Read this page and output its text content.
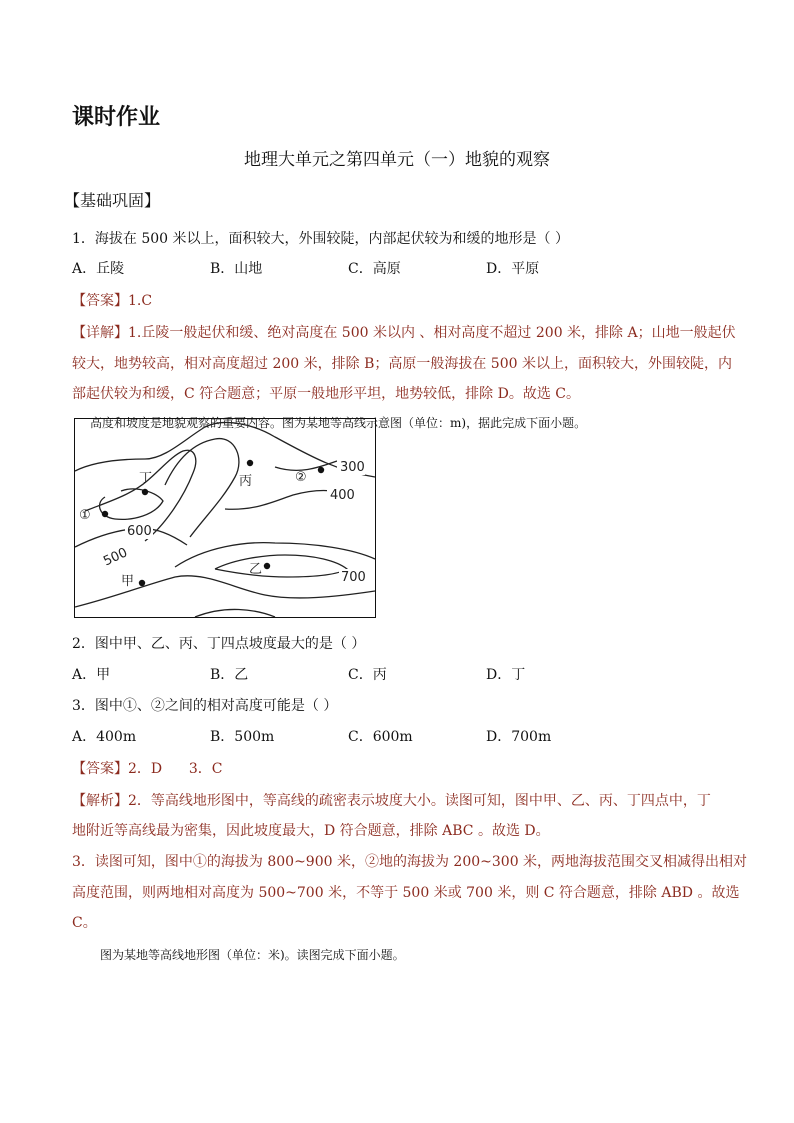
课时作业
地理大单元之第四单元（一）地貌的观察
【基础巩固】
1．海拔在 500 米以上，面积较大，外围较陡，内部起伏较为和缓的地形是（ ）
A．丘陵	B．山地	C．高原	D．平原
【答案】1.C
【详解】1.丘陵一般起伏和缓、绝对高度在 500 米以内 、相对高度不超过 200 米，排除 A；山地一般起伏
较大，地势较高，相对高度超过 200 米，排除 B；高原一般海拔在 500 米以上，面积较大，外围较陡，内
部起伏较为和缓，C 符合题意；平原一般地形平坦，地势较低，排除 D。故选 C。
高度和坡度是地貌观察的重要内容。图为某地等高线示意图（单位：m)，据此完成下面小题。
丁	丙	②
①
乙
甲
300
400
600
500
700
2．图中甲、乙、丙、丁四点坡度最大的是（ ）
A．甲	B．乙	C．丙	D．丁
3．图中①、②之间的相对高度可能是（ ）
A．400m	B．500m	C．600m	D．700m
【答案】2．D      3．C
【解析】2．等高线地形图中，等高线的疏密表示坡度大小。读图可知，图中甲、乙、丙、丁四点中，丁
地附近等高线最为密集，因此坡度最大，D 符合题意，排除 ABC 。故选 D。
3．读图可知，图中①的海拔为 800~900 米，②地的海拔为 200~300 米，两地海拔范围交叉相减得出相对
高度范围，则两地相对高度为 500~700 米，不等于 500 米或 700 米，则 C 符合题意，排除 ABD 。故选
C。
图为某地等高线地形图（单位：米)。读图完成下面小题。
